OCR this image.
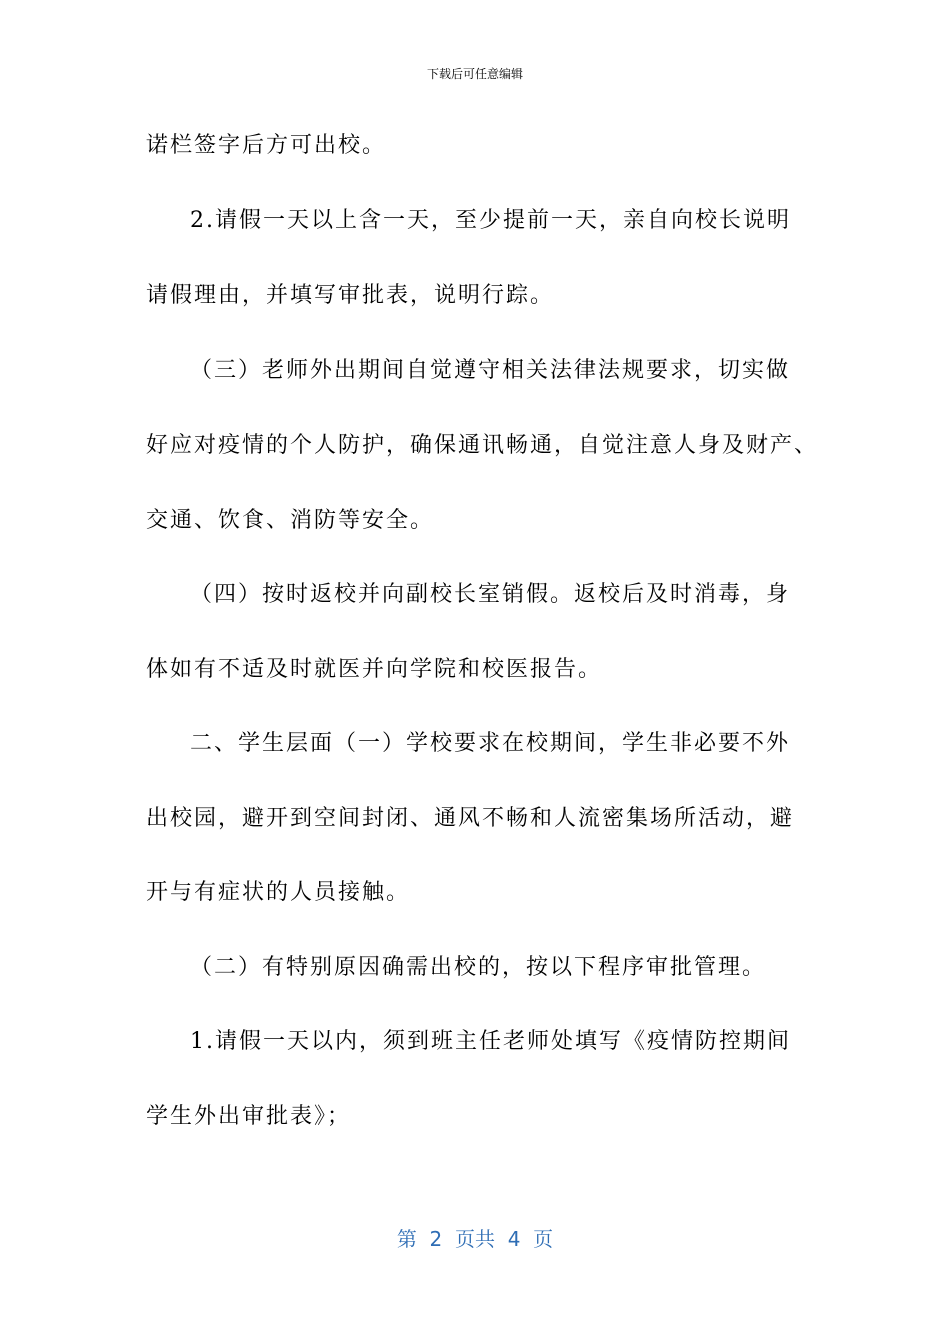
下载后可任意编辑
诺栏签字后方可出校。
2.请假一天以上含一天，至少提前一天，亲自向校长说明
请假理由，并填写审批表，说明行踪。
（三）老师外出期间自觉遵守相关法律法规要求，切实做
好应对疫情的个人防护，确保通讯畅通，自觉注意人身及财产、
交通、饮食、消防等安全。
（四）按时返校并向副校长室销假。返校后及时消毒，身
体如有不适及时就医并向学院和校医报告。
二、学生层面（一）学校要求在校期间，学生非必要不外
出校园，避开到空间封闭、通风不畅和人流密集场所活动，避
开与有症状的人员接触。
（二）有特别原因确需出校的，按以下程序审批管理。
1.请假一天以内，须到班主任老师处填写《疫情防控期间
学生外出审批表》；
第  2  页共  4  页
